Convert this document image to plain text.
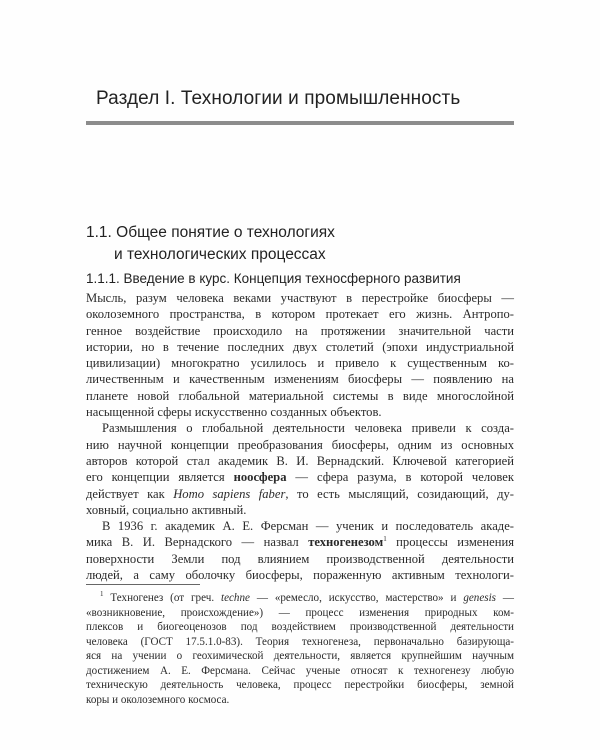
Раздел I. Технологии и промышленность
1.1. Общее понятие о технологиях
и технологических процессах
1.1.1. Введение в курс. Концепция техносферного развития
Мысль, разум человека веками участвуют в перестройке биосферы —
околоземного пространства, в котором протекает его жизнь. Антропо-
генное воздействие происходило на протяжении значительной части
истории, но в течение последних двух столетий (эпохи индустриальной
цивилизации) многократно усилилось и привело к существенным ко-
личественным и качественным изменениям биосферы — появлению на
планете новой глобальной материальной системы в виде многослойной
насыщенной сферы искусственно созданных объектов.
Размышления о глобальной деятельности человека привели к созда-
нию научной концепции преобразования биосферы, одним из основных
авторов которой стал академик В. И. Вернадский. Ключевой категорией
его концепции является ноосфера — сфера разума, в которой человек
действует как Homo sapiens faber, то есть мыслящий, созидающий, ду-
ховный, социально активный.
В 1936 г. академик А. Е. Ферсман — ученик и последователь акаде-
мика В. И. Вернадского — назвал техногенезом$^1$ процессы изменения
поверхности Земли под влиянием производственной деятельности
людей, а саму оболочку биосферы, пораженную активным технологи-
$^1$ Техногенез (от греч. techne — «ремесло, искусство, мастерство» и genesis —
«возникновение, происхождение») — процесс изменения природных ком-
плексов и биогеоценозов под воздействием производственной деятельности
человека (ГОСТ 17.5.1.0-83). Теория техногенеза, первоначально базирующа-
яся на учении о геохимической деятельности, является крупнейшим научным
достижением А. Е. Ферсмана. Сейчас ученые относят к техногенезу любую
техническую деятельность человека, процесс перестройки биосферы, земной
коры и околоземного космоса.
